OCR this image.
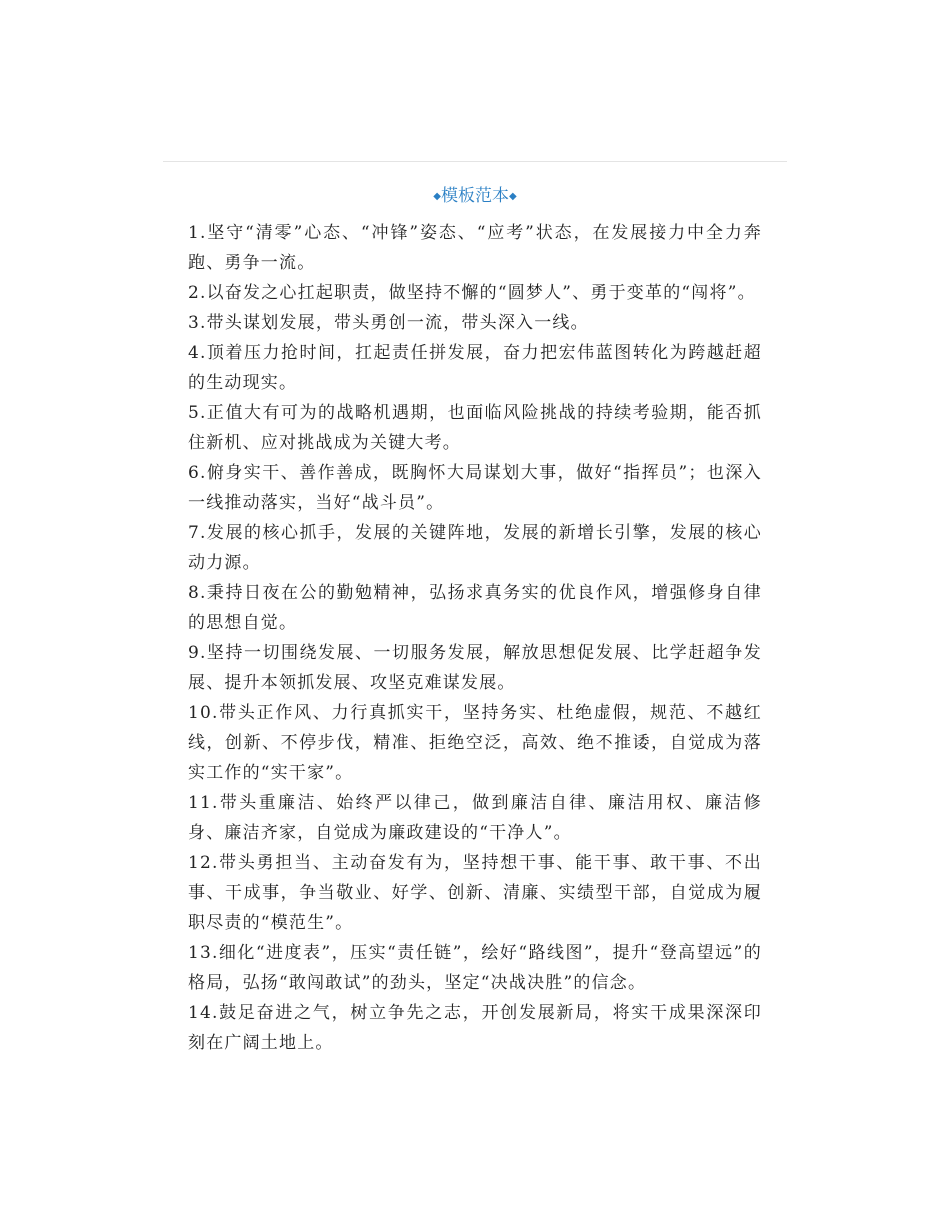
◆模板范本◆

1.坚守“清零”心态、“冲锋”姿态、“应考”状态，在发展接力中全力奔跑、勇争一流。

2.以奋发之心扛起职责，做坚持不懈的“圆梦人”、勇于变革的“闯将”。

3.带头谋划发展，带头勇创一流，带头深入一线。

4.顶着压力抢时间，扛起责任拼发展，奋力把宏伟蓝图转化为跨越赶超的生动现实。

5.正值大有可为的战略机遇期，也面临风险挑战的持续考验期，能否抓住新机、应对挑战成为关键大考。

6.俯身实干、善作善成，既胸怀大局谋划大事，做好“指挥员”；也深入一线推动落实，当好“战斗员”。

7.发展的核心抓手，发展的关键阵地，发展的新增长引擎，发展的核心动力源。

8.秉持日夜在公的勤勉精神，弘扬求真务实的优良作风，增强修身自律的思想自觉。

9.坚持一切围绕发展、一切服务发展，解放思想促发展、比学赶超争发展、提升本领抓发展、攻坚克难谋发展。

10.带头正作风、力行真抓实干，坚持务实、杜绝虚假，规范、不越红线，创新、不停步伐，精准、拒绝空泛，高效、绝不推诿，自觉成为落实工作的“实干家”。

11.带头重廉洁、始终严以律己，做到廉洁自律、廉洁用权、廉洁修身、廉洁齐家，自觉成为廉政建设的“干净人”。

12.带头勇担当、主动奋发有为，坚持想干事、能干事、敢干事、不出事、干成事，争当敬业、好学、创新、清廉、实绩型干部，自觉成为履职尽责的“模范生”。

13.细化“进度表”，压实“责任链”，绘好“路线图”，提升“登高望远”的格局，弘扬“敢闯敢试”的劲头，坚定“决战决胜”的信念。

14.鼓足奋进之气，树立争先之志，开创发展新局，将实干成果深深印刻在广阔土地上。
